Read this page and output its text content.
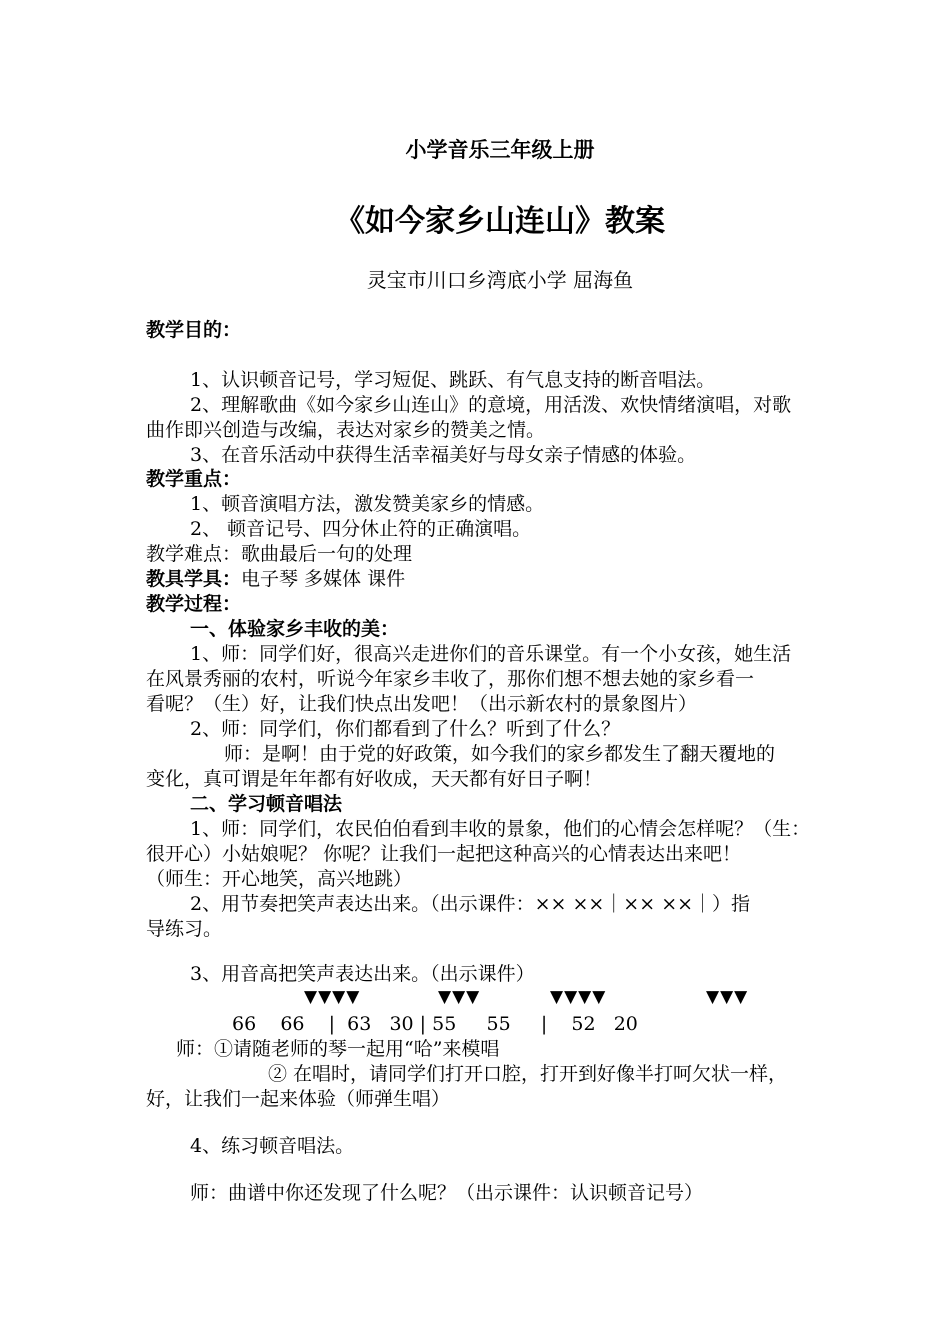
小学音乐三年级上册
《如今家乡山连山》教案
灵宝市川口乡湾底小学 屈海鱼
教学目的：
1、认识顿音记号，学习短促、跳跃、有气息支持的断音唱法。
2、理解歌曲《如今家乡山连山》的意境，用活泼、欢快情绪演唱，对歌
曲作即兴创造与改编，表达对家乡的赞美之情。
3、在音乐活动中获得生活幸福美好与母女亲子情感的体验。
教学重点：
1、顿音演唱方法，激发赞美家乡的情感。
2、 顿音记号、四分休止符的正确演唱。
教学难点：歌曲最后一句的处理
教具学具：电子琴 多媒体 课件
教学过程：
一、体验家乡丰收的美：
1、师：同学们好，很高兴走进你们的音乐课堂。有一个小女孩，她生活
在风景秀丽的农村，听说今年家乡丰收了，那你们想不想去她的家乡看一
看呢？（生）好，让我们快点出发吧！（出示新农村的景象图片）
2、师：同学们，你们都看到了什么？听到了什么？
师：是啊！由于党的好政策，如今我们的家乡都发生了翻天覆地的
变化，真可谓是年年都有好收成，天天都有好日子啊！
二、学习顿音唱法
1、师：同学们，农民伯伯看到丰收的景象，他们的心情会怎样呢？（生：
很开心）小姑娘呢？ 你呢？让我们一起把这种高兴的心情表达出来吧！
（师生：开心地笑，高兴地跳）
2、用节奏把笑声表达出来。（出示课件：×× ××｜×× ××｜）指
导练习。
3、用音高把笑声表达出来。（出示课件）
▼▼▼▼	▼▼▼	▼▼▼▼	▼▼▼
66    66    |  63   30 | 55     55     |    52   20
师：①请随老师的琴一起用“哈”来模唱
② 在唱时，请同学们打开口腔，打开到好像半打呵欠状一样，
好，让我们一起来体验（师弹生唱）
4、练习顿音唱法。
师：曲谱中你还发现了什么呢？（出示课件：认识顿音记号）
